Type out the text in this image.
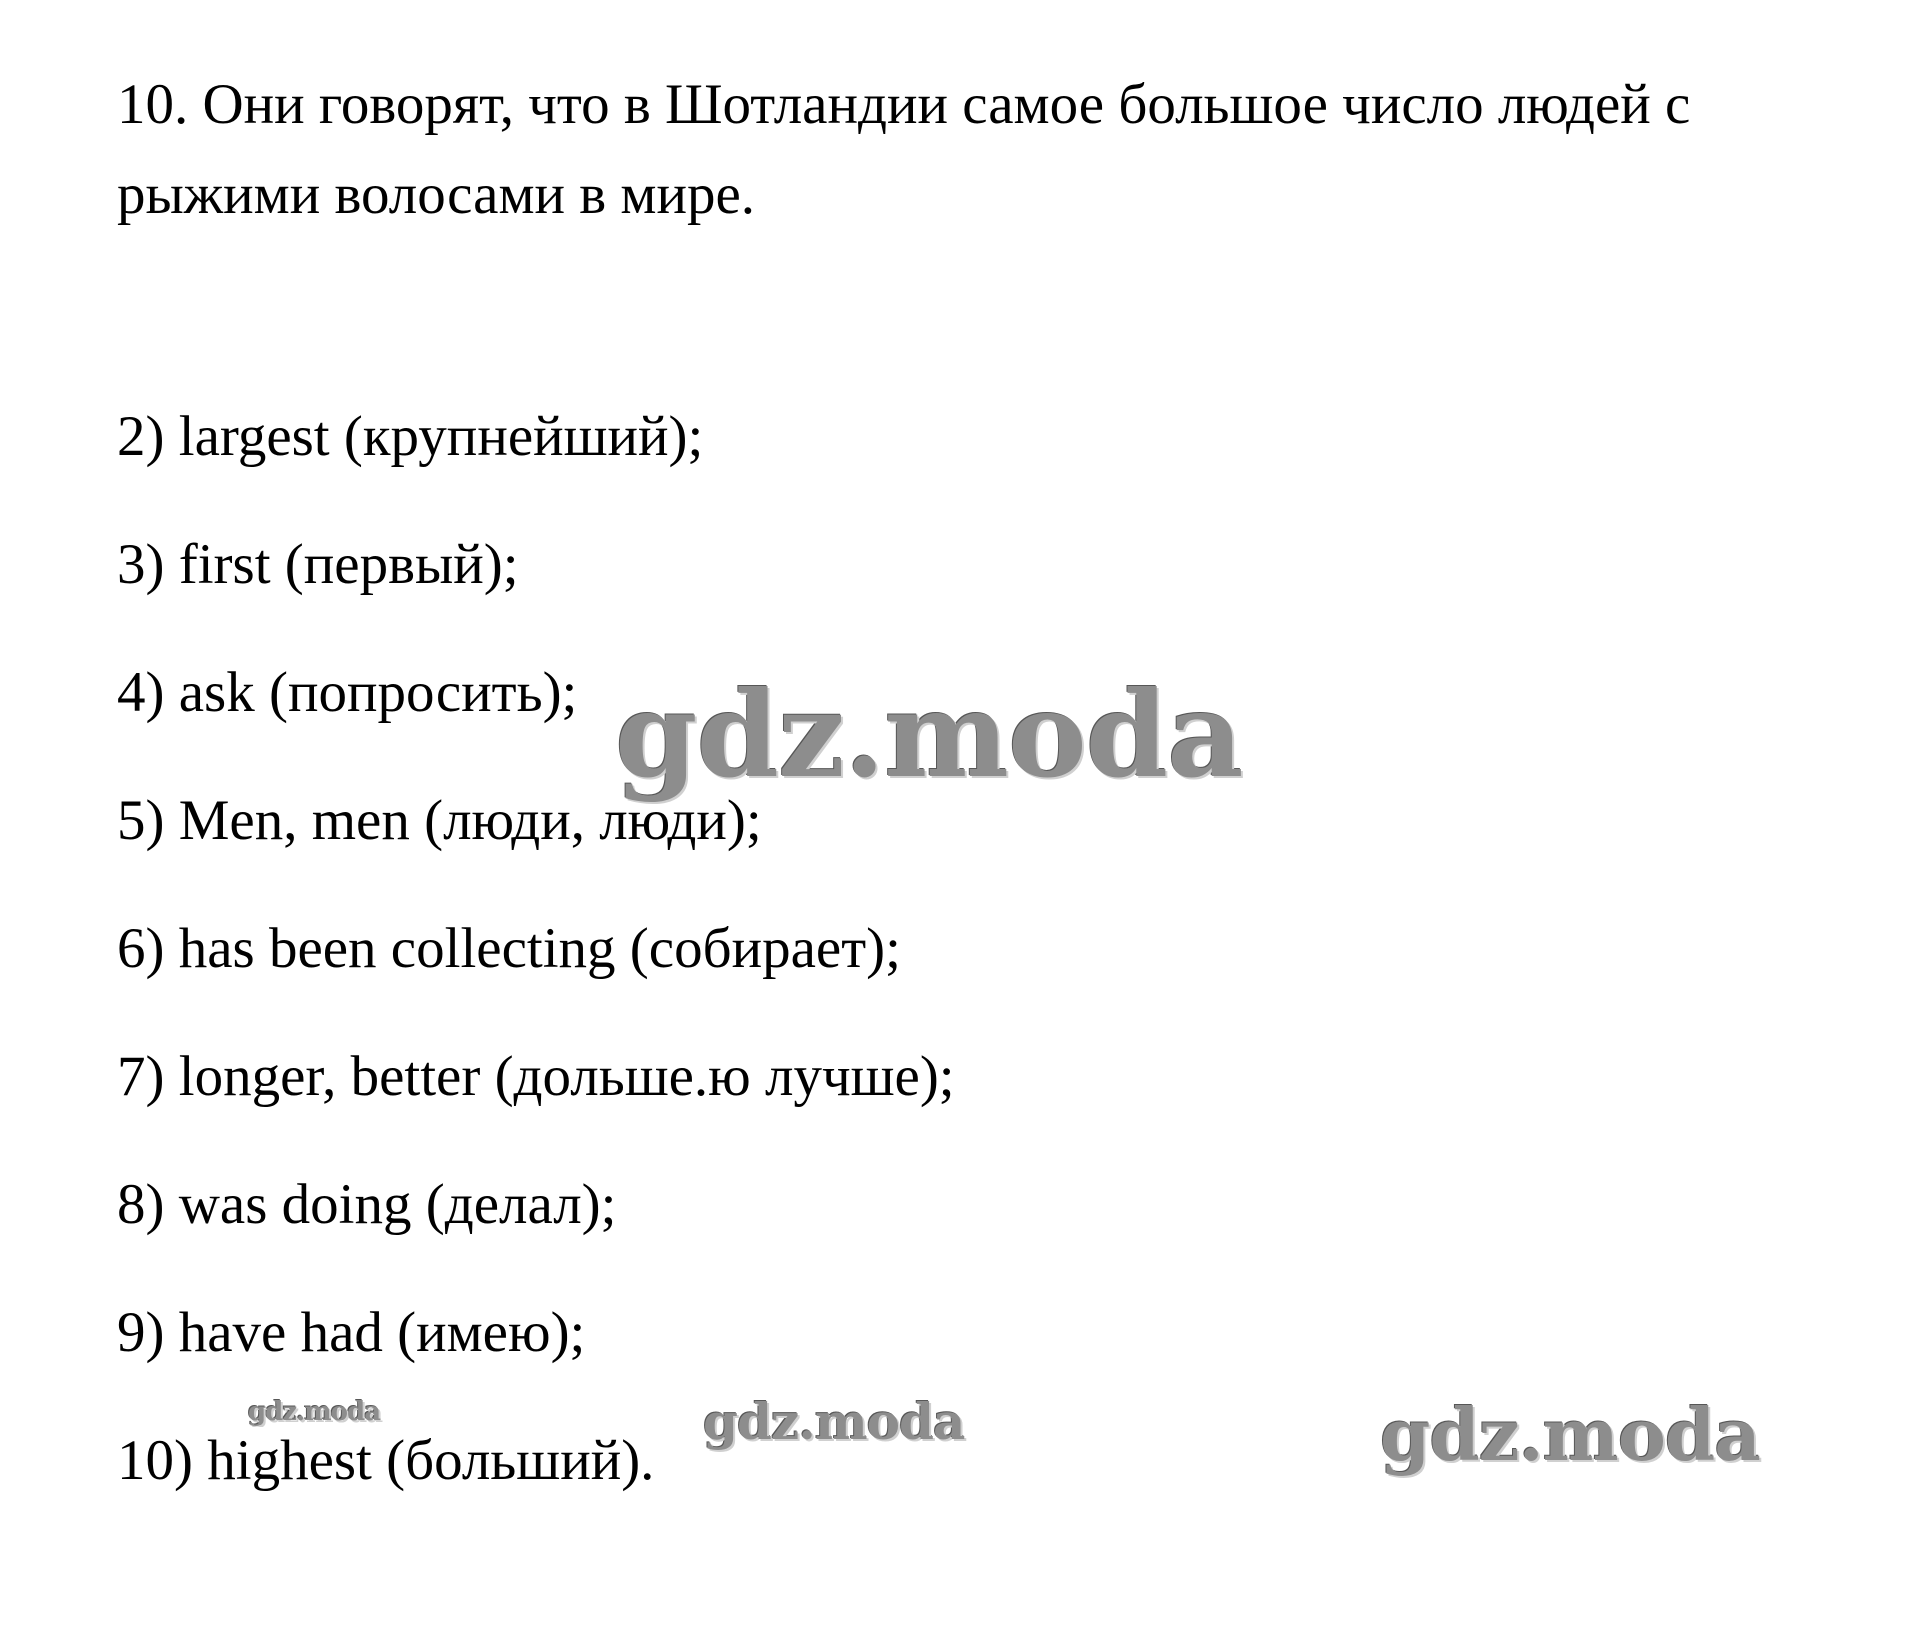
10. Они говорят, что в Шотландии самое большое число людей с рыжими волосами в мире.

2) largest (крупнейший);
3) first (первый);
4) ask (попросить);
5) Men, men (люди, люди);
6) has been collecting (собирает);
7) longer, better (дольше.ю лучше);
8) was doing (делал);
9) have had (имею);
10) highest (больший).
gdz.moda
gdz.moda	gdz.moda	gdz.moda
